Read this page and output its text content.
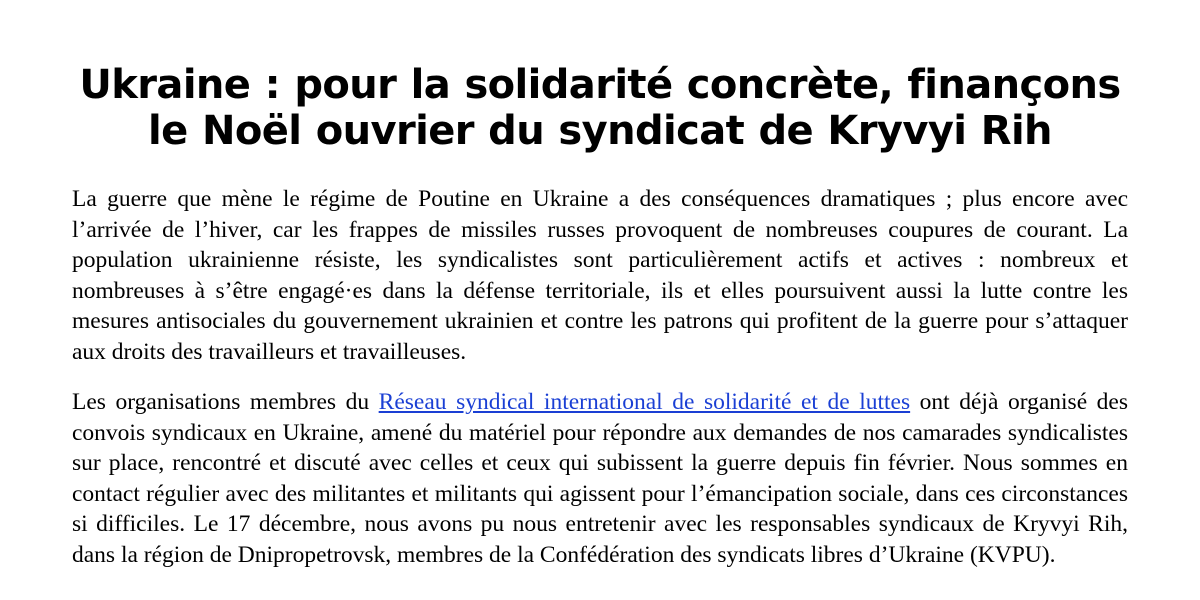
Ukraine : pour la solidarité concrète, finançons le Noël ouvrier du syndicat de Kryvyi Rih

La guerre que mène le régime de Poutine en Ukraine a des conséquences dramatiques ; plus encore avec l’arrivée de l’hiver, car les frappes de missiles russes provoquent de nombreuses coupures de courant. La population ukrainienne résiste, les syndicalistes sont particulièrement actifs et actives : nombreux et nombreuses à s’être engagé·es dans la défense territoriale, ils et elles poursuivent aussi la lutte contre les mesures antisociales du gouvernement ukrainien et contre les patrons qui profitent de la guerre pour s’attaquer aux droits des travailleurs et travailleuses.

Les organisations membres du Réseau syndical international de solidarité et de luttes ont déjà organisé des convois syndicaux en Ukraine, amené du matériel pour répondre aux demandes de nos camarades syndicalistes sur place, rencontré et discuté avec celles et ceux qui subissent la guerre depuis fin février. Nous sommes en contact régulier avec des militantes et militants qui agissent pour l’émancipation sociale, dans ces circonstances si difficiles. Le 17 décembre, nous avons pu nous entretenir avec les responsables syndicaux de Kryvyi Rih, dans la région de Dnipropetrovsk, membres de la Confédération des syndicats libres d’Ukraine (KVPU).
